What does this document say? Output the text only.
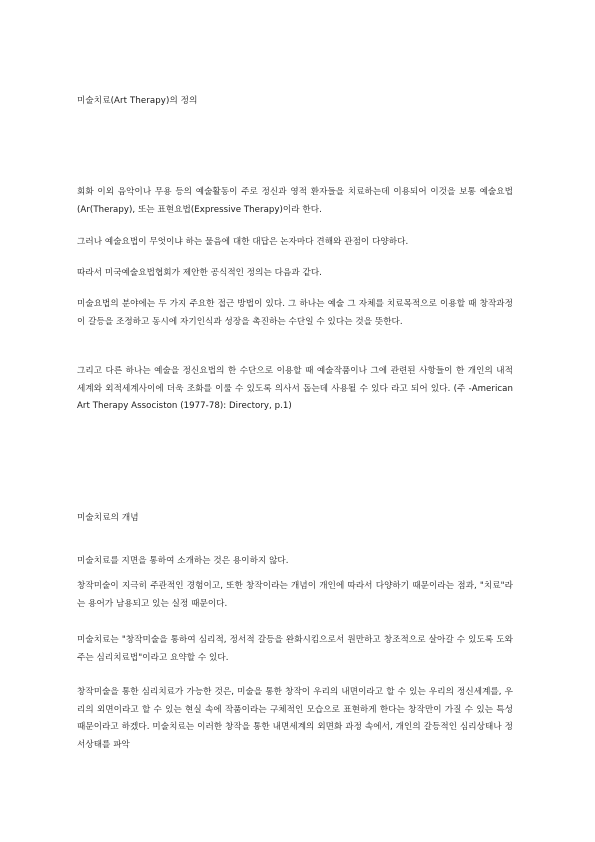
미술치료(Art Therapy)의 정의

회화 이외 음악이나 무용 등의 예술활동이 주로 정신과 영적 환자들을 치료하는데 이용되어 이것을 보통 예술요법(Ar(Therapy), 또는 표현요법(Expressive Therapy)이라 한다.

그러나 예술요법이 무엇이냐 하는 물음에 대한 대답은 논자마다 견해와 관점이 다양하다.

따라서 미국예술요법협회가 제안한 공식적인 정의는 다음과 같다.

미술요법의 분야에는 두 가지 주요한 접근 방법이 있다. 그 하나는 예술 그 자체를 치료목적으로 이용할 때 창작과정이 갈등을 조정하고 동시에 자기인식과 성장을 촉진하는 수단일 수 있다는 것을 뜻한다.

그리고 다른 하나는 예술을 정신요법의 한 수단으로 이용할 때 예술작품이나 그에 관련된 사항들이 한 개인의 내적 세계와 외적세계사이에 더욱 조화를 이룰 수 있도록 의사서 돕는데 사용될 수 있다 라고 되어 있다. (주 -American Art Therapy Associston (1977-78): Directory, p.1)

미술치료의 개념

미술치료를 지면을 통하여 소개하는 것은 용이하지 않다.

창작미술이 지극히 주관적인 경험이고, 또한 창작이라는 개념이 개인에 따라서 다양하기 때문이라는 점과, "치료"라는 용어가 남용되고 있는 실정 때문이다.

미술치료는 "창작미술을 통하여 심리적, 정서적 갈등을 완화시킴으로서 원만하고 창조적으로 살아갈 수 있도록 도와주는 심리치료법"이라고 요약할 수 있다.

창작미술을 통한 심리치료가 가능한 것은, 미술을 통한 창작이 우리의 내면이라고 할 수 있는 우리의 정신세계를, 우리의 외면이라고 할 수 있는 현실 속에 작품이라는 구체적인 모습으로 표현하게 한다는 창작만이 가질 수 있는 특성 때문이라고 하겠다. 미술치료는 이러한 창작을 통한 내면세계의 외면화 과정 속에서, 개인의 갈등적인 심리상태나 정서상태를 파악
